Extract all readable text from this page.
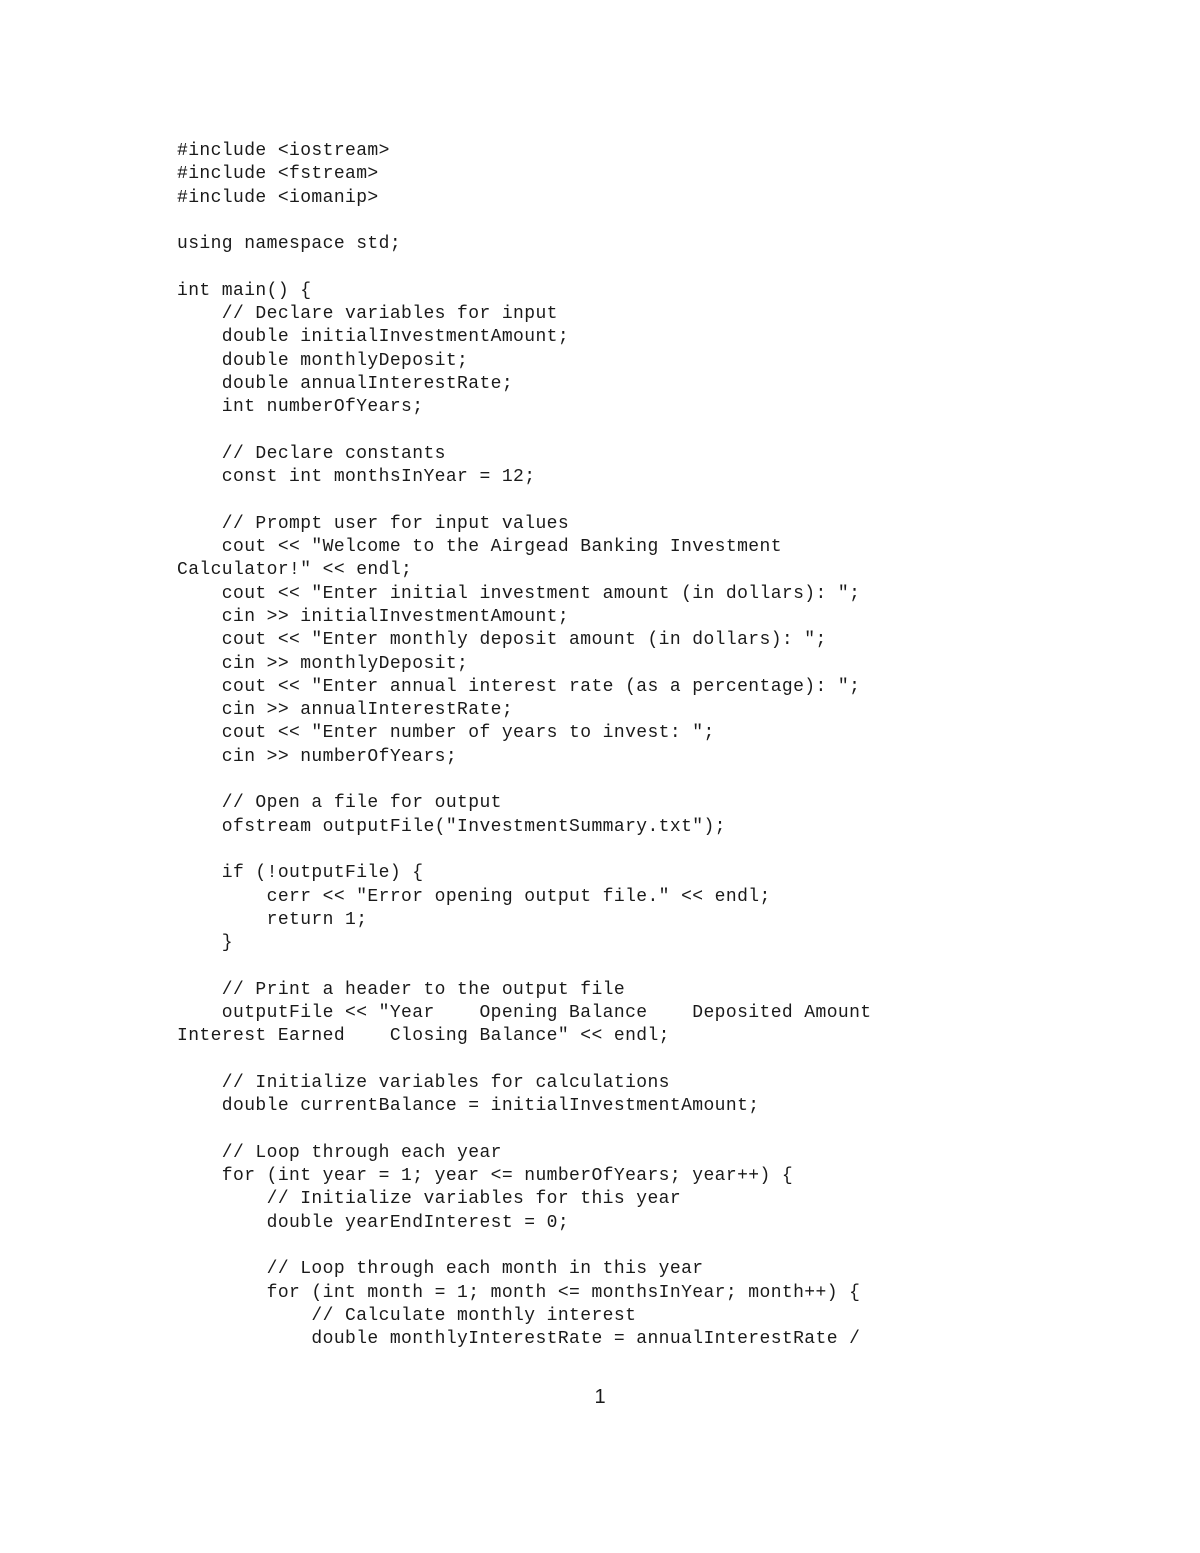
#include <iostream>
#include <fstream>
#include <iomanip>
using namespace std;
int main() {
// Declare variables for input
double initialInvestmentAmount;
double monthlyDeposit;
double annualInterestRate;
int numberOfYears;
// Declare constants
const int monthsInYear = 12;
// Prompt user for input values
cout << "Welcome to the Airgead Banking Investment
Calculator!" << endl;
cout << "Enter initial investment amount (in dollars): ";
cin >> initialInvestmentAmount;
cout << "Enter monthly deposit amount (in dollars): ";
cin >> monthlyDeposit;
cout << "Enter annual interest rate (as a percentage): ";
cin >> annualInterestRate;
cout << "Enter number of years to invest: ";
cin >> numberOfYears;
// Open a file for output
ofstream outputFile("InvestmentSummary.txt");
if (!outputFile) {
cerr << "Error opening output file." << endl;
return 1;
}
// Print a header to the output file
outputFile << "Year    Opening Balance    Deposited Amount
Interest Earned    Closing Balance" << endl;
// Initialize variables for calculations
double currentBalance = initialInvestmentAmount;
// Loop through each year
for (int year = 1; year <= numberOfYears; year++) {
// Initialize variables for this year
double yearEndInterest = 0;
// Loop through each month in this year
for (int month = 1; month <= monthsInYear; month++) {
// Calculate monthly interest
double monthlyInterestRate = annualInterestRate /
1
